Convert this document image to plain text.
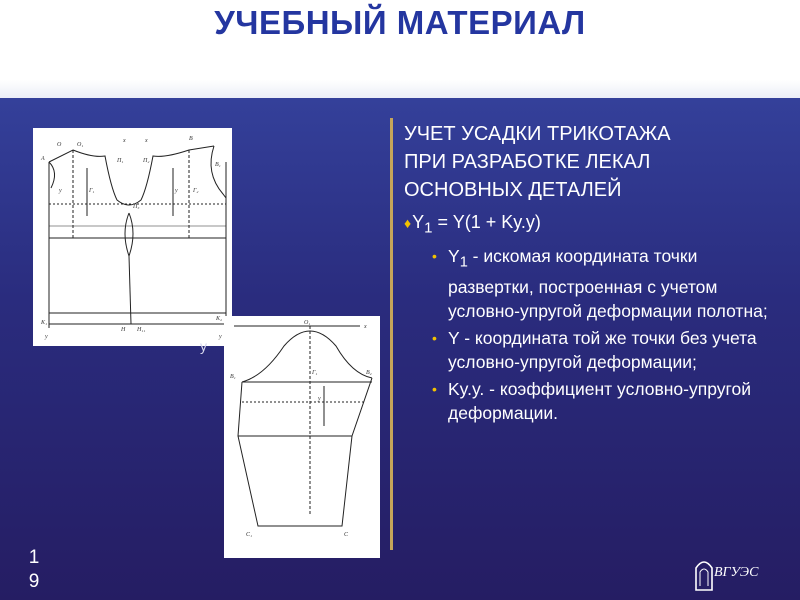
УЧЕБНЫЙ МАТЕРИАЛ
O	O₁
x	x	B
A	П₁	П₂
В₁
y	Г₁
П₃
Г₂
y
K₁
H H₁₁
K₂
y	y
y
O₁
x
B₁
B₂
y
Г₁
C₁	C
УЧЕТ УСАДКИ ТРИКОТАЖА
ПРИ РАЗРАБОТКЕ ЛЕКАЛ
ОСНОВНЫХ ДЕТАЛЕЙ
$♦Y_1 = Y(1 + Ky.y)$
• $Y_1$ - искомая координата точки развертки, построенная с учетом условно-упругой деформации полотна;
• Y - координата той же точки без учета условно-упругой деформации;
• Ky.y. - коэффициент условно-упругой деформации.
1
9	ВГУЭС
